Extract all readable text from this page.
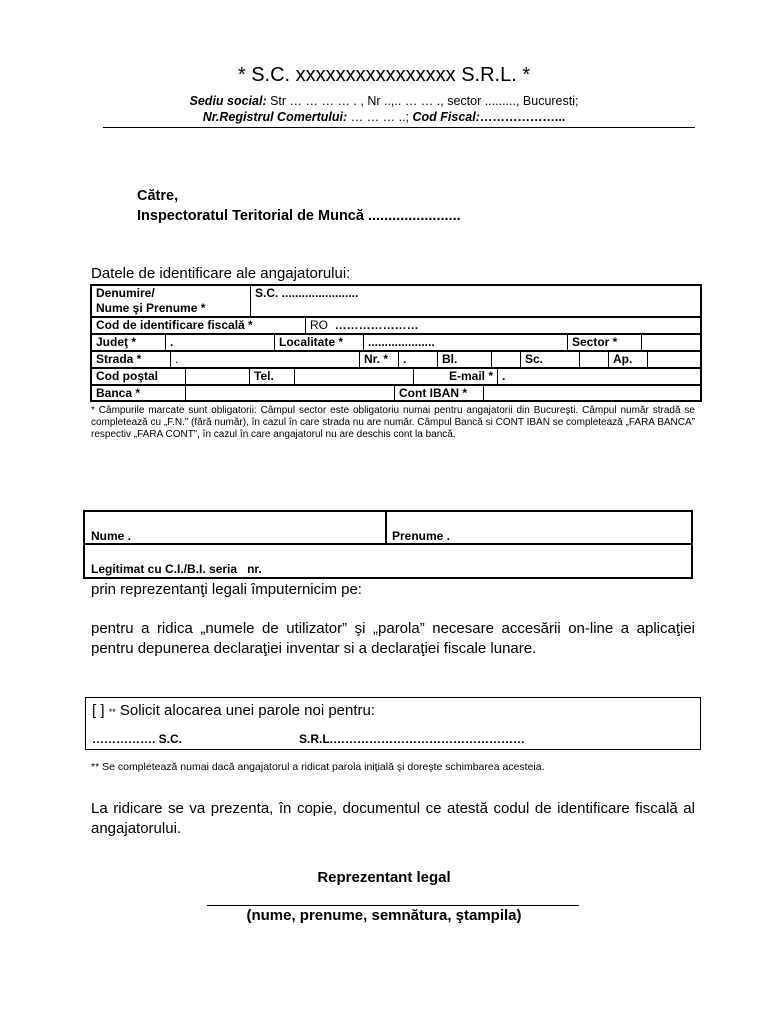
* S.C. xxxxxxxxxxxxxxxx S.R.L. *
Sediu social: Str … … … … . , Nr ..,.. … … ., sector ........., Bucuresti;
Nr.Registrul Comertului: … … … ..; Cod Fiscal:………………...
Către,
Inspectoratul Teritorial de Muncă .......................
Datele de identificare ale angajatorului:
Denumire/
Nume şi Prenume *
	S.C. .......................
Cod de identificare fiscală *	RO …………………
Judeţ *	.	Localitate *	....................	Sector *	
Strada *	.	Nr. *	.	Bl.		Sc.		Ap.	
Cod poştal		Tel.		E-mail *	.
Banca *		Cont IBAN *	
* Câmpurile marcate sunt obligatorii: Câmpul sector este obligatoriu numai pentru angajatorii din Bucureşti. Câmpul număr stradă se completează cu „F.N.” (fără număr), în cazul în care strada nu are număr. Câmpul Bancă si CONT IBAN se completează „FARA BANCA” respectiv „FARA CONT”, în cazul în care angajatorul nu are deschis cont la bancă.
Nume .	Prenume .
Legitimat cu C.I./B.I. seria nr.
prin reprezentanţi legali împuternicim pe:
pentru a ridica „numele de utilizator” şi „parola” necesare accesării on-line a aplicaţiei pentru depunerea declaraţiei inventar si a declaraţiei fiscale lunare.
[ ] ** Solicit alocarea unei parole noi pentru:
……………. S.C.	S.R.L.…………………………………………
** Se completează numai dacă angajatorul a ridicat parola iniţială şi doreşte schimbarea acesteia.
La ridicare se va prezenta, în copie, documentul ce atestă codul de identificare fiscală al angajatorului.
Reprezentant legal
(nume, prenume, semnătura, ştampila)
